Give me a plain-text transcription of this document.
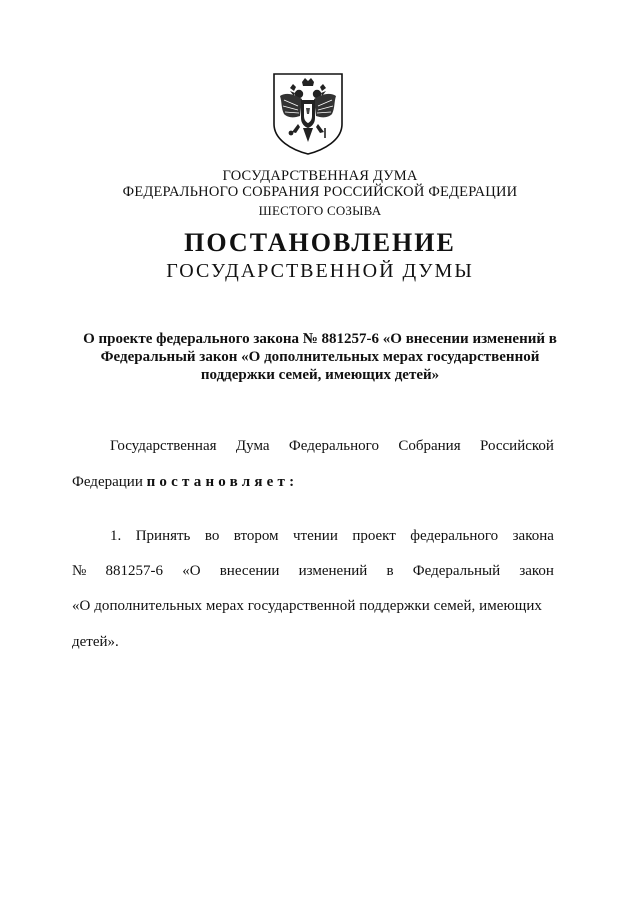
ГОСУДАРСТВЕННАЯ ДУМА
ФЕДЕРАЛЬНОГО СОБРАНИЯ РОССИЙСКОЙ ФЕДЕРАЦИИ
ШЕСТОГО СОЗЫВА
ПОСТАНОВЛЕНИЕ
ГОСУДАРСТВЕННОЙ ДУМЫ
О проекте федерального закона № 881257-6 «О внесении изменений в
Федеральный закон «О дополнительных мерах государственной
поддержки семей, имеющих детей»
Государственная Дума Федерального Собрания Российской
Федерации постановляет:
1. Принять во втором чтении проект федерального закона
№ 881257-6 «О внесении изменений в Федеральный закон
«О дополнительных мерах государственной поддержки семей, имеющих
детей».
